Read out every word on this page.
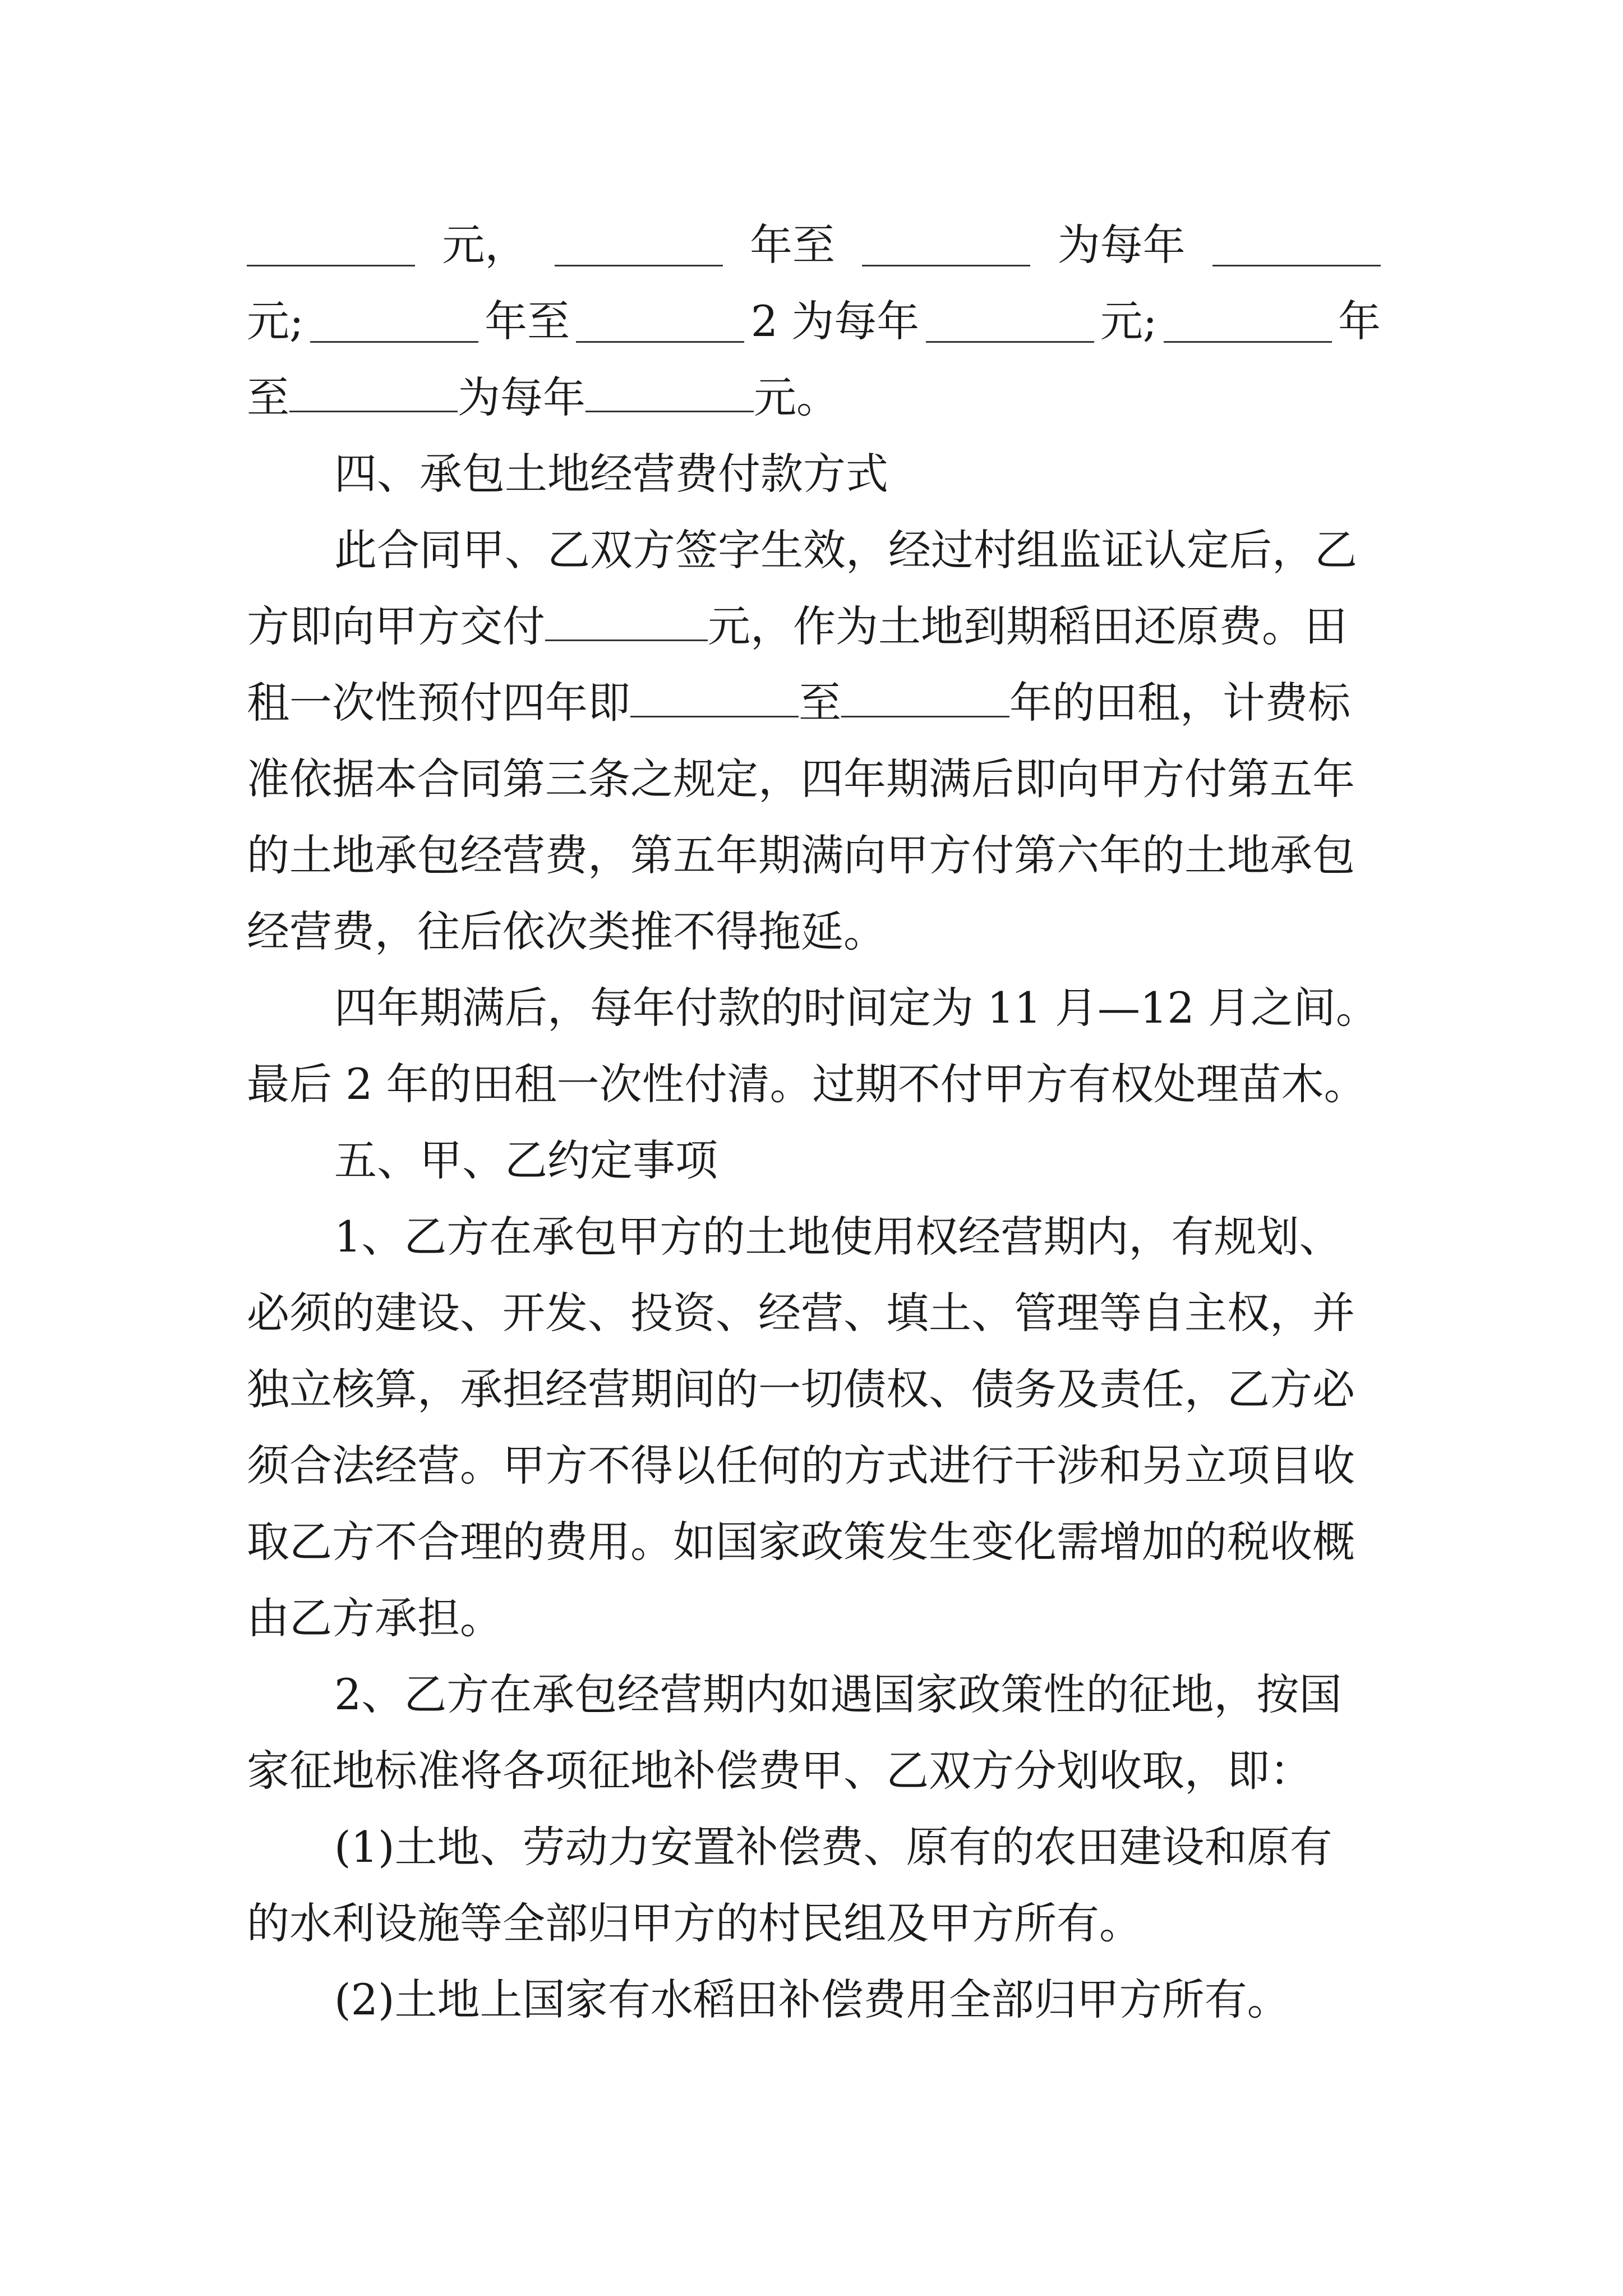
元，	年至	为每年
元;	年至	2 为每年	元;	年
至	为每年	元。
四、承包土地经营费付款方式
此合同甲、乙双方签字生效，经过村组监证认定后，乙
方即向甲方交付	元，作为土地到期稻田还原费。田
租一次性预付四年即	至	年的田租，计费标
准依据本合同第三条之规定，四年期满后即向甲方付第五年
的土地承包经营费，第五年期满向甲方付第六年的土地承包
经营费，往后依次类推不得拖延。
四年期满后，每年付款的时间定为 11 月—12 月之间。
最后 2 年的田租一次性付清。过期不付甲方有权处理苗木。
五、甲、乙约定事项
1、乙方在承包甲方的土地使用权经营期内，有规划、
必须的建设、开发、投资、经营、填土、管理等自主权，并
独立核算，承担经营期间的一切债权、债务及责任，乙方必
须合法经营。甲方不得以任何的方式进行干涉和另立项目收
取乙方不合理的费用。如国家政策发生变化需增加的税收概
由乙方承担。
2、乙方在承包经营期内如遇国家政策性的征地，按国
家征地标准将各项征地补偿费甲、乙双方分划收取，即：
(1)土地、劳动力安置补偿费、原有的农田建设和原有
的水利设施等全部归甲方的村民组及甲方所有。
(2)土地上国家有水稻田补偿费用全部归甲方所有。
